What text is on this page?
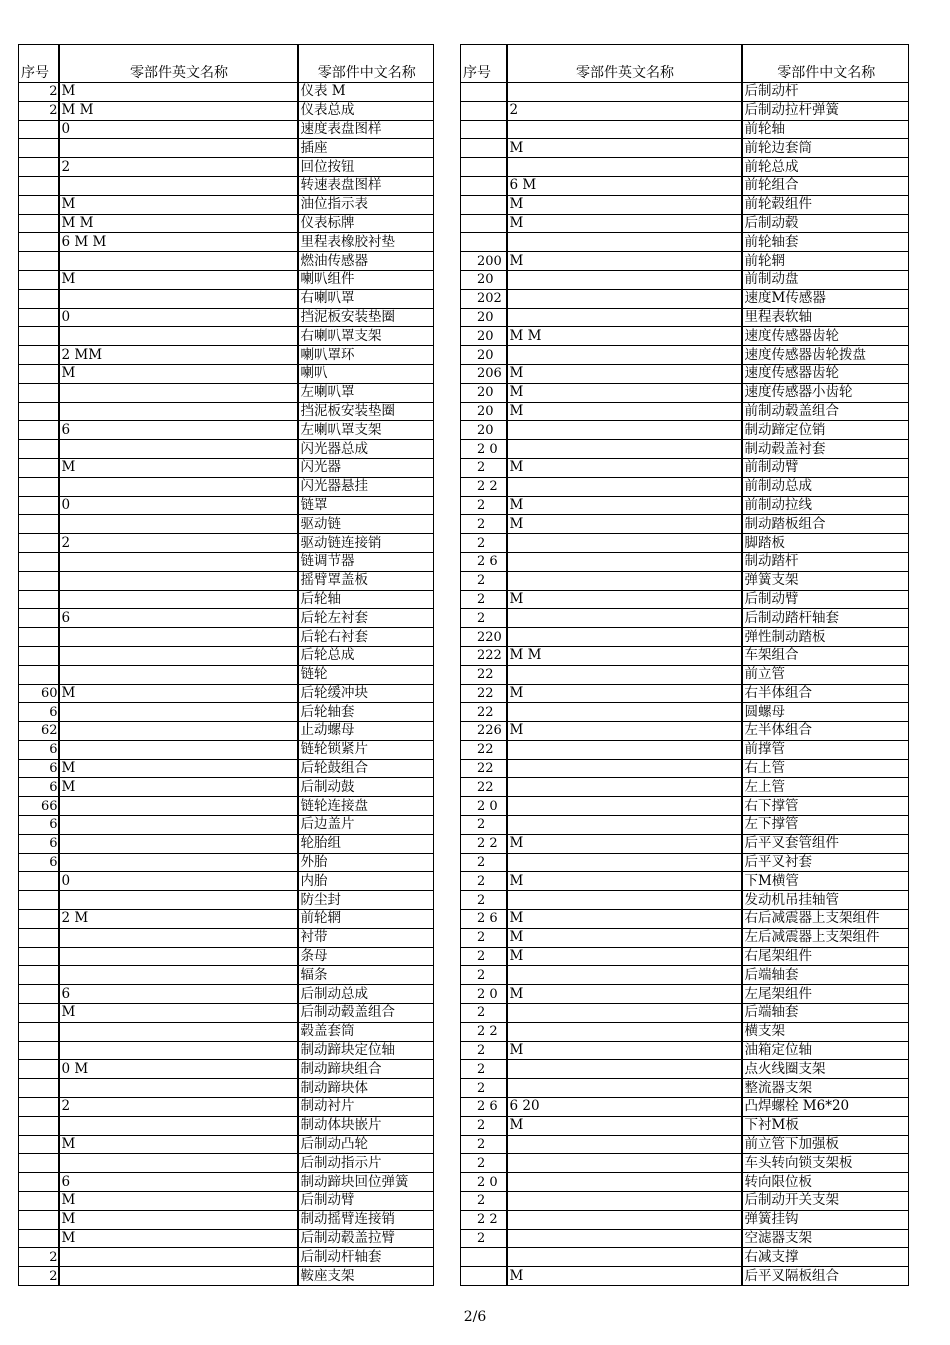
序号	零部件英文名称	零部件中文名称
2	M	仪表 M
2	M M	仪表总成
	0	速度表盘图样
		插座
	2	回位按钮
		转速表盘图样
	M	油位指示表
	M M	仪表标牌
	6 M M	里程表橡胶衬垫
		燃油传感器
	M	喇叭组件
		右喇叭罩
	0	挡泥板安装垫圈
		右喇叭罩支架
	2 MM	喇叭罩环
	M	喇叭
		左喇叭罩
		挡泥板安装垫圈
	6	左喇叭罩支架
		闪光器总成
	M	闪光器
		闪光器悬挂
	0	链罩
		驱动链
	2	驱动链连接销
		链调节器
		摇臂罩盖板
		后轮轴
	6	后轮左衬套
		后轮右衬套
		后轮总成
		链轮
60	M	后轮缓冲块
6		后轮轴套
62		止动螺母
6		链轮锁紧片
6	M	后轮鼓组合
6	M	后制动鼓
66		链轮连接盘
6		后边盖片
6		轮胎组
6		外胎
	0	内胎
		防尘封
	2 M	前轮辋
		衬带
		条母
		辐条
	6	后制动总成
	M	后制动毂盖组合
		毂盖套筒
		制动蹄块定位轴
	0 M	制动蹄块组合
		制动蹄块体
	2	制动衬片
		制动体块嵌片
	M	后制动凸轮
		后制动指示片
	6	制动蹄块回位弹簧
	M	后制动臂
	M	制动摇臂连接销
	M	后制动毂盖拉臂
2		后制动杆轴套
2		鞍座支架
序号	零部件英文名称	零部件中文名称
		后制动杆
	2	后制动拉杆弹簧
		前轮轴
	M	前轮边套筒
		前轮总成
	6 M	前轮组合
	M	前轮毂组件
	M	后制动毂
		前轮轴套
200	M	前轮辋
20		前制动盘
202		速度M传感器
20		里程表软轴
20	M M	速度传感器齿轮
20		速度传感器齿轮拨盘
206	M	速度传感器齿轮
20	M	速度传感器小齿轮
20	M	前制动毂盖组合
20		制动蹄定位销
2 0		制动毂盖衬套
2	M	前制动臂
2 2		前制动总成
2	M	前制动拉线
2	M	制动踏板组合
2		脚踏板
2 6		制动踏杆
2		弹簧支架
2	M	后制动臂
2		后制动踏杆轴套
220		弹性制动踏板
222	M M	车架组合
22		前立管
22	M	右半体组合
22		圆螺母
226	M	左半体组合
22		前撑管
22		右上管
22		左上管
2 0		右下撑管
2		左下撑管
2 2	M	后平叉套管组件
2		后平叉衬套
2	M	下M横管
2		发动机吊挂轴管
2 6	M	右后减震器上支架组件
2	M	左后减震器上支架组件
2	M	右尾架组件
2		后端轴套
2 0	M	左尾架组件
2		后端轴套
2 2		横支架
2	M	油箱定位轴
2		点火线圈支架
2		整流器支架
2 6	6 20	凸焊螺栓 M6*20
2	M	下衬M板
2		前立管下加强板
2		车头转向锁支架板
2 0		转向限位板
2		后制动开关支架
2 2		弹簧挂钩
2		空滤器支架
		右减支撑
	M	后平叉隔板组合
2/6
